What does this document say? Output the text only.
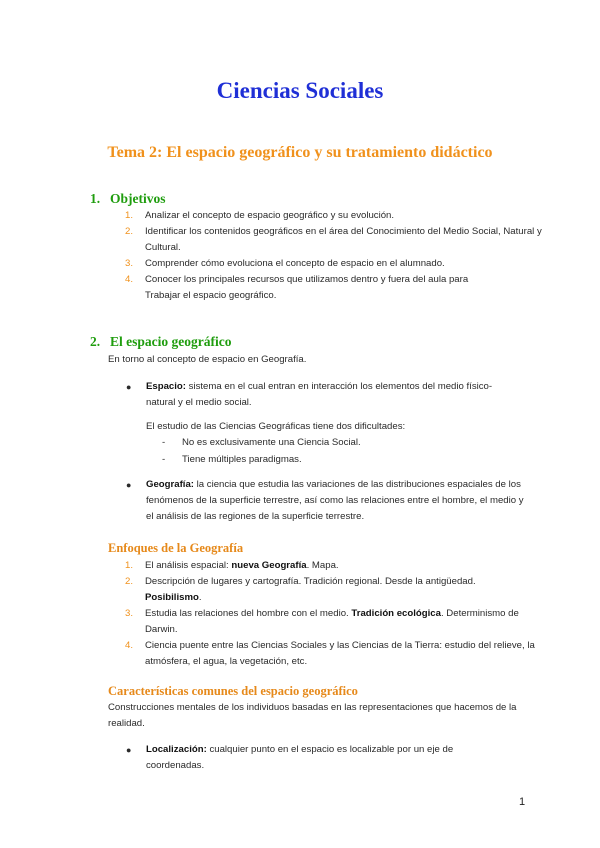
Ciencias Sociales
Tema 2: El espacio geográfico y su tratamiento didáctico
1. Objetivos
1. Analizar el concepto de espacio geográfico y su evolución.
2. Identificar los contenidos geográficos en el área del Conocimiento del Medio Social, Natural y Cultural.
3. Comprender cómo evoluciona el concepto de espacio en el alumnado.
4. Conocer los principales recursos que utilizamos dentro y fuera del aula para Trabajar el espacio geográfico.
2. El espacio geográfico
En torno al concepto de espacio en Geografía.
● Espacio: sistema en el cual entran en interacción los elementos del medio físico-natural y el medio social.
El estudio de las Ciencias Geográficas tiene dos dificultades:
- No es exclusivamente una Ciencia Social.
- Tiene múltiples paradigmas.
● Geografía: la ciencia que estudia las variaciones de las distribuciones espaciales de los fenómenos de la superficie terrestre, así como las relaciones entre el hombre, el medio y el análisis de las regiones de la superficie terrestre.
Enfoques de la Geografía
1. El análisis espacial: nueva Geografía. Mapa.
2. Descripción de lugares y cartografía. Tradición regional. Desde la antigüedad. Posibilismo.
3. Estudia las relaciones del hombre con el medio. Tradición ecológica. Determinismo de Darwin.
4. Ciencia puente entre las Ciencias Sociales y las Ciencias de la Tierra: estudio del relieve, la atmósfera, el agua, la vegetación, etc.
Características comunes del espacio geográfico
Construcciones mentales de los individuos basadas en las representaciones que hacemos de la realidad.
● Localización: cualquier punto en el espacio es localizable por un eje de coordenadas.
1
